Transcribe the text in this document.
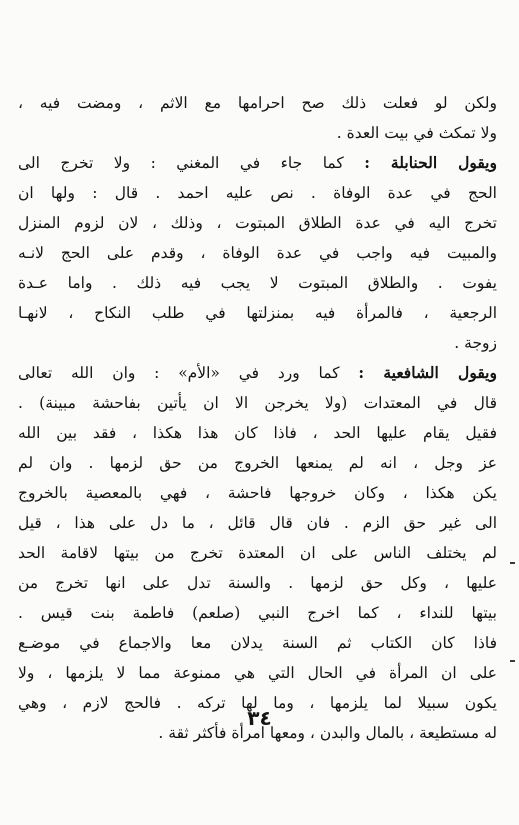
ولكن لو فعلت ذلك صح احرامها مع الاثم ، ومضت فيه ،
ولا تمكث في بيت العدة .
ويقول الحنابلة : كما جاء في المغني : ولا تخرج الى
الحج في عدة الوفاة . نص عليه احمد . قال : ولها ان
تخرج اليه في عدة الطلاق المبتوت ، وذلك ، لان لزوم المنزل
والمبيت فيه واجب في عدة الوفاة ، وقدم على الحج لانـه
يفوت . والطلاق المبتوت لا يجب فيه ذلك . واما عـدة
الرجعية ، فالمرأة فيه بمنزلتها في طلب النكاح ، لانهـا
زوجة .
ويقول الشافعية : كما ورد في «الأم» : وان الله تعالى
قال في المعتدات (ولا يخرجن الا ان يأتين بفاحشة مبينة) .
فقيل يقام عليها الحد ، فاذا كان هذا هكذا ، فقد بين الله
عز وجل ، انه لم يمنعها الخروج من حق لزمها . وان لم
يكن هكذا ، وكان خروجها فاحشة ، فهي بالمعصية بالخروج
الى غير حق الزم . فان قال قائل ، ما دل على هذا ، قيل
لم يختلف الناس على ان المعتدة تخرج من بيتها لاقامة الحد
عليها ، وكل حق لزمها . والسنة تدل على انها تخرج من
بيتها للنداء ، كما اخرج النبي (صلعم) فاطمة بنت قيس .
فاذا كان الكتاب ثم السنة يدلان معا والاجماع في موضـع
على ان المرأة في الحال التي هي ممنوعة مما لا يلزمها ، ولا
يكون سبيلا لما يلزمها ، وما لها تركه . فالحج لازم ، وهي
له مستطيعة ، بالمال والبدن ، ومعها امرأة فأكثر ثقة .
٣٤
